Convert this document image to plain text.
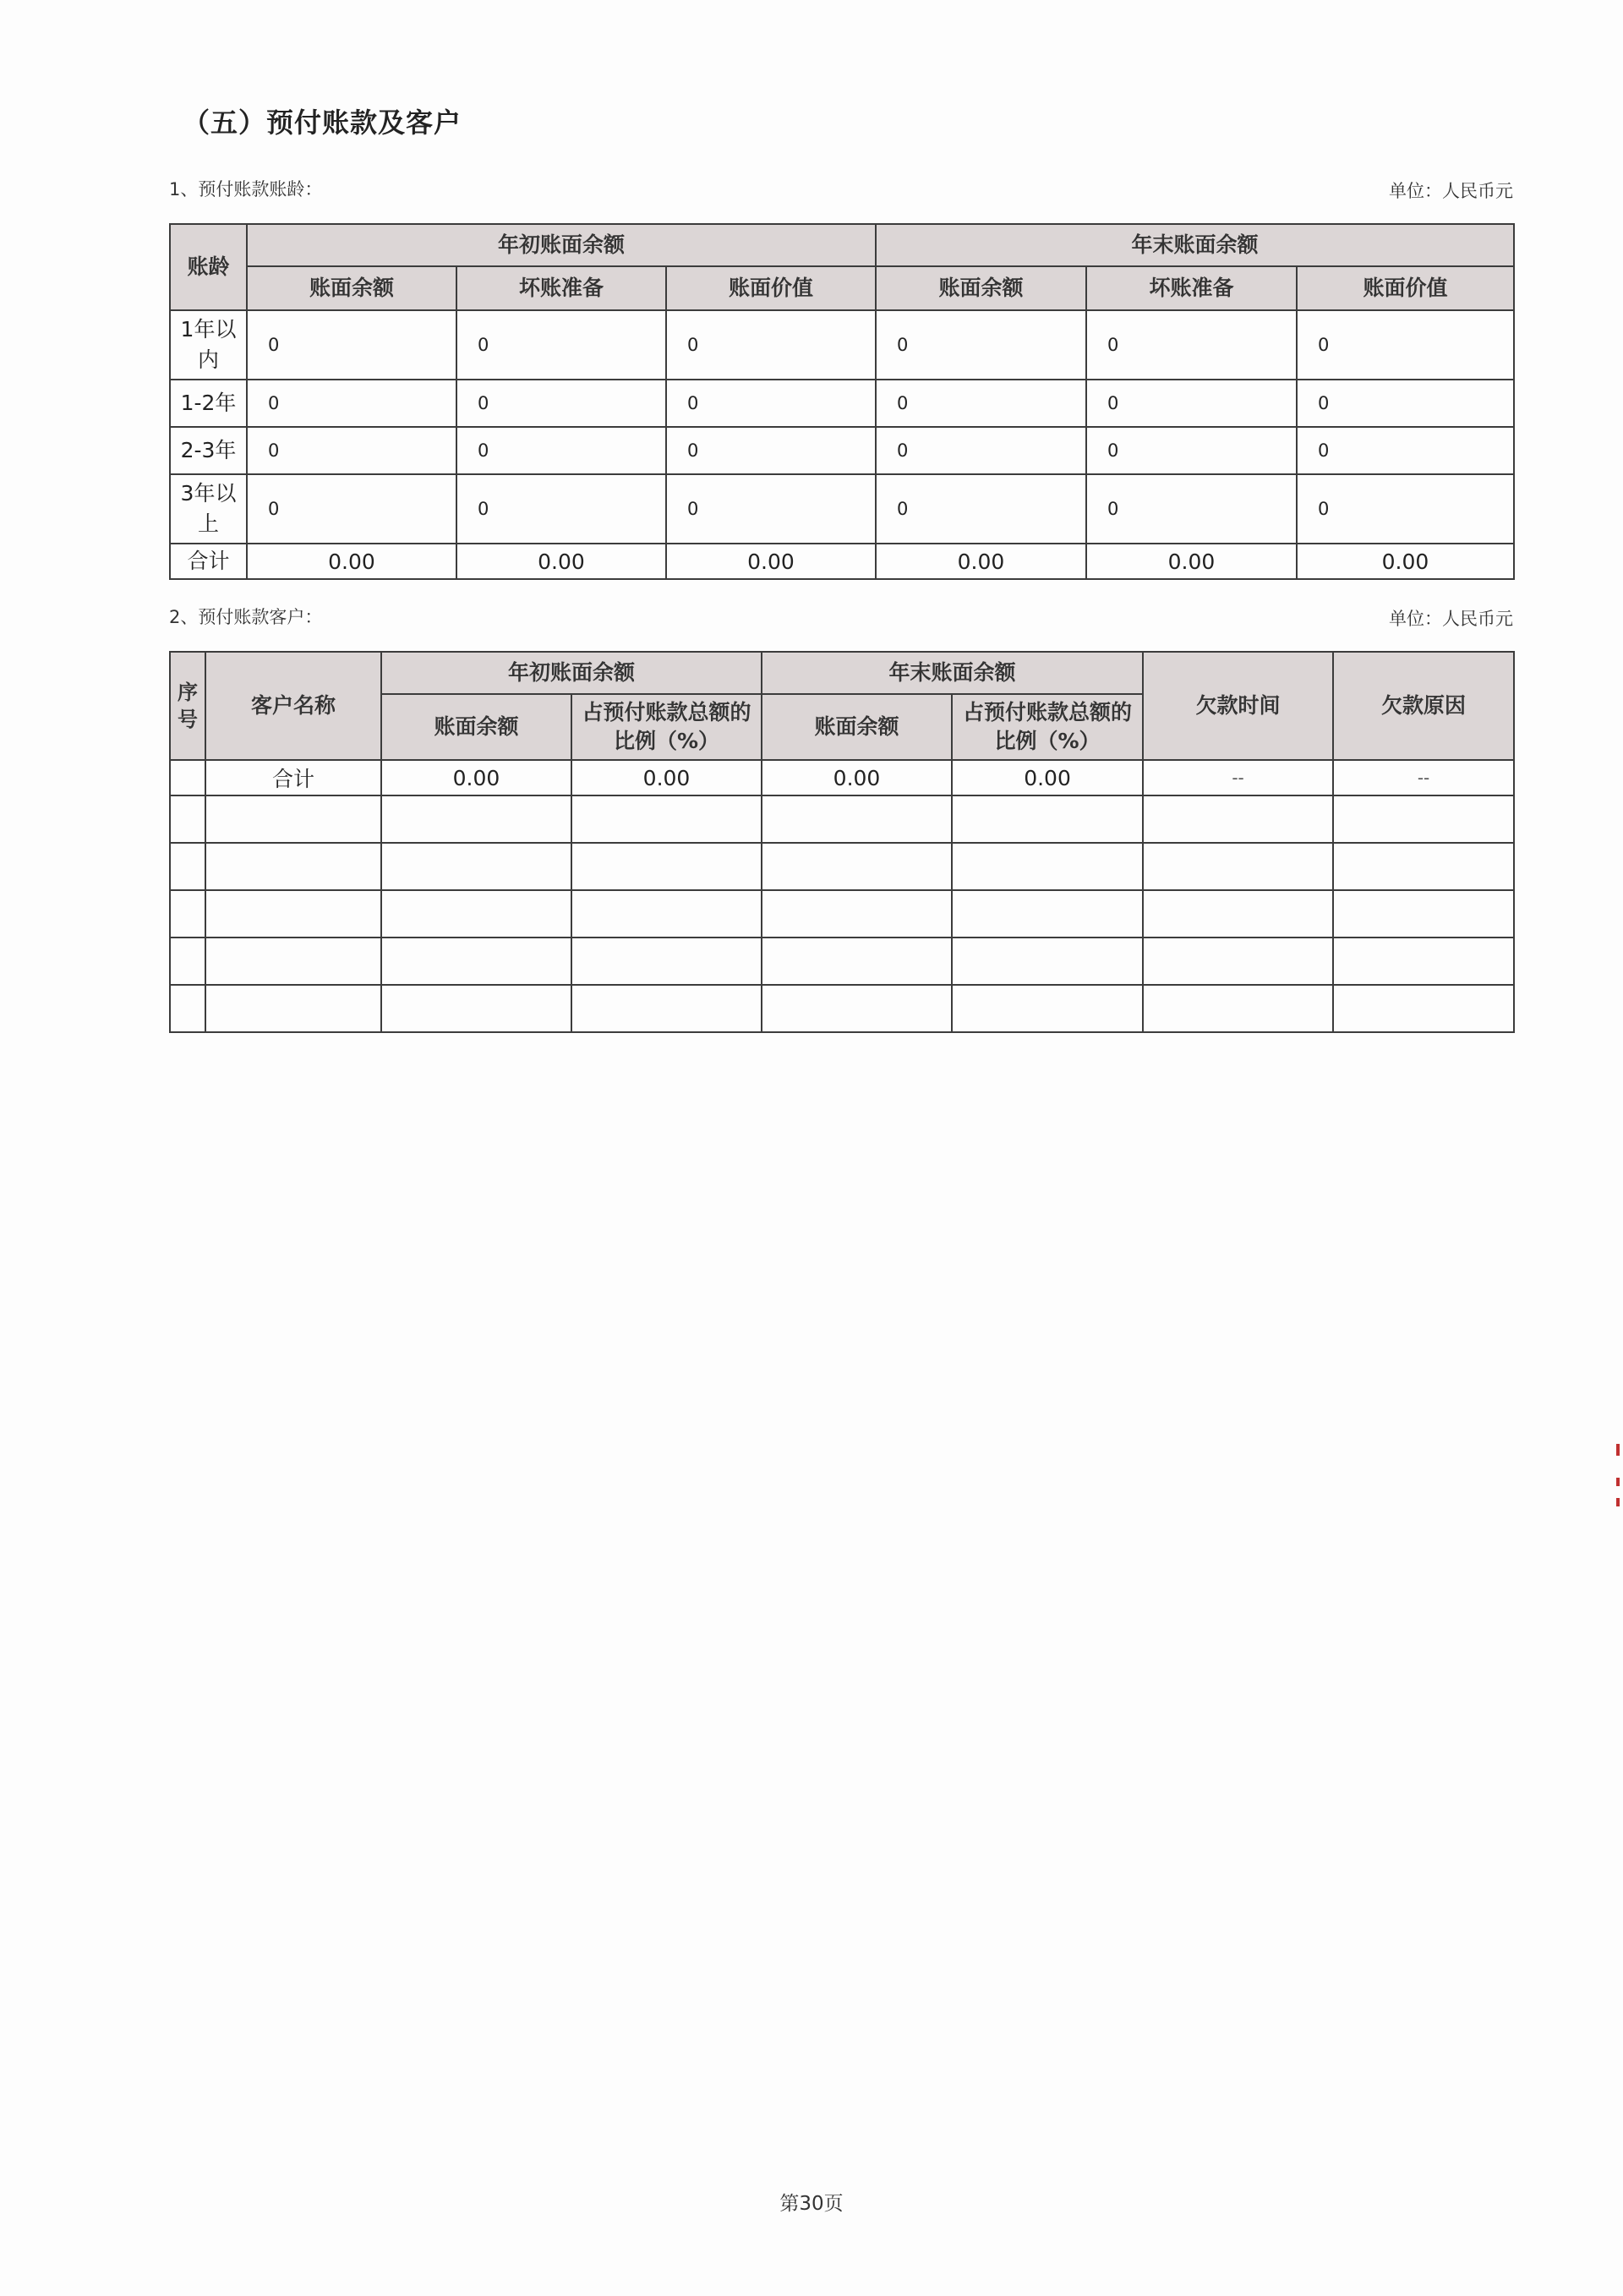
（五）预付账款及客户
1、预付账款账龄：	单位：人民币元
账龄	年初账面余额			年末账面余额		
	账面余额	坏账准备	账面价值	账面余额	坏账准备	账面价值
1年以内	0	0	0	0	0	0
1-2年	0	0	0	0	0	0
2-3年	0	0	0	0	0	0
3年以上	0	0	0	0	0	0
合计	0.00	0.00	0.00	0.00	0.00	0.00
2、预付账款客户：	单位：人民币元
序号	客户名称	年初账面余额		年末账面余额		欠款时间	欠款原因
		账面余额	占预付账款总额的比例（%）	账面余额	占预付账款总额的比例（%）		
	合计	0.00	0.00	0.00	0.00	--	--

第30页
